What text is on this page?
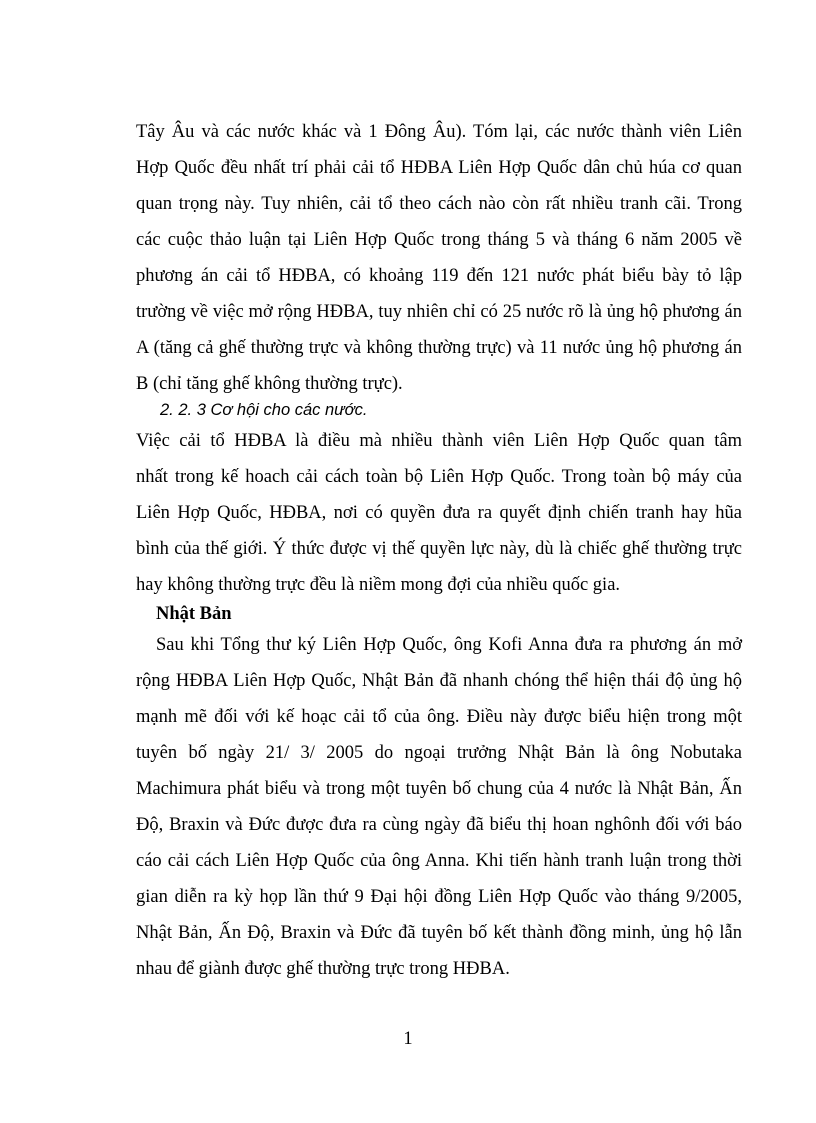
Tây Âu và các nước khác và 1 Đông Âu). Tóm lại, các nước thành viên Liên
Hợp Quốc đều nhất trí phải cải tổ HĐBA Liên Hợp Quốc dân chủ húa cơ quan
quan trọng này. Tuy nhiên, cải tổ theo cách nào còn rất nhiều tranh cãi. Trong
các cuộc thảo luận tại Liên Hợp Quốc trong tháng 5 và tháng 6 năm 2005 về
phương án cải tổ HĐBA, có khoảng 119 đến 121 nước phát biểu bày tỏ lập
trường về việc mở rộng HĐBA, tuy nhiên chỉ có 25 nước rõ là ủng hộ phương án
A (tăng cả ghế thường trực và không thường trực) và 11 nước ủng hộ phương án
B (chỉ tăng ghế không thường trực).
2. 2. 3 Cơ hội cho các nước.
Việc cải tổ HĐBA là điều mà nhiều thành viên Liên Hợp Quốc quan tâm
nhất trong kế hoach cải cách toàn bộ Liên Hợp Quốc. Trong toàn bộ máy của
Liên Hợp Quốc, HĐBA, nơi có quyền đưa ra quyết định chiến tranh hay hũa
bình của thế giới. Ý thức được vị thế quyền lực này, dù là chiếc ghế thường trực
hay không thường trực đều là niềm mong đợi của nhiều quốc gia.
Nhật Bản
Sau khi Tổng thư ký Liên Hợp Quốc, ông Kofi Anna đưa ra phương án mở
rộng HĐBA Liên Hợp Quốc, Nhật Bản đã nhanh chóng thể hiện thái độ ủng hộ
mạnh mẽ đối với kế hoạc cải tổ của ông. Điều này được biểu hiện trong một
tuyên bố ngày 21/ 3/ 2005 do ngoại trưởng Nhật Bản là ông Nobutaka
Machimura phát biểu và trong một tuyên bố chung của 4 nước là Nhật Bản, Ấn
Độ, Braxin và Đức được đưa ra cùng ngày đã biểu thị hoan nghônh đối với báo
cáo cải cách Liên Hợp Quốc của ông Anna. Khi tiến hành tranh luận trong thời
gian diễn ra kỳ họp lần thứ 9 Đại hội đồng Liên Hợp Quốc vào tháng 9/2005,
Nhật Bản, Ấn Độ, Braxin và Đức đã tuyên bố kết thành đồng minh, ủng hộ lẫn
nhau để giành được ghế thường trực trong HĐBA.
1
